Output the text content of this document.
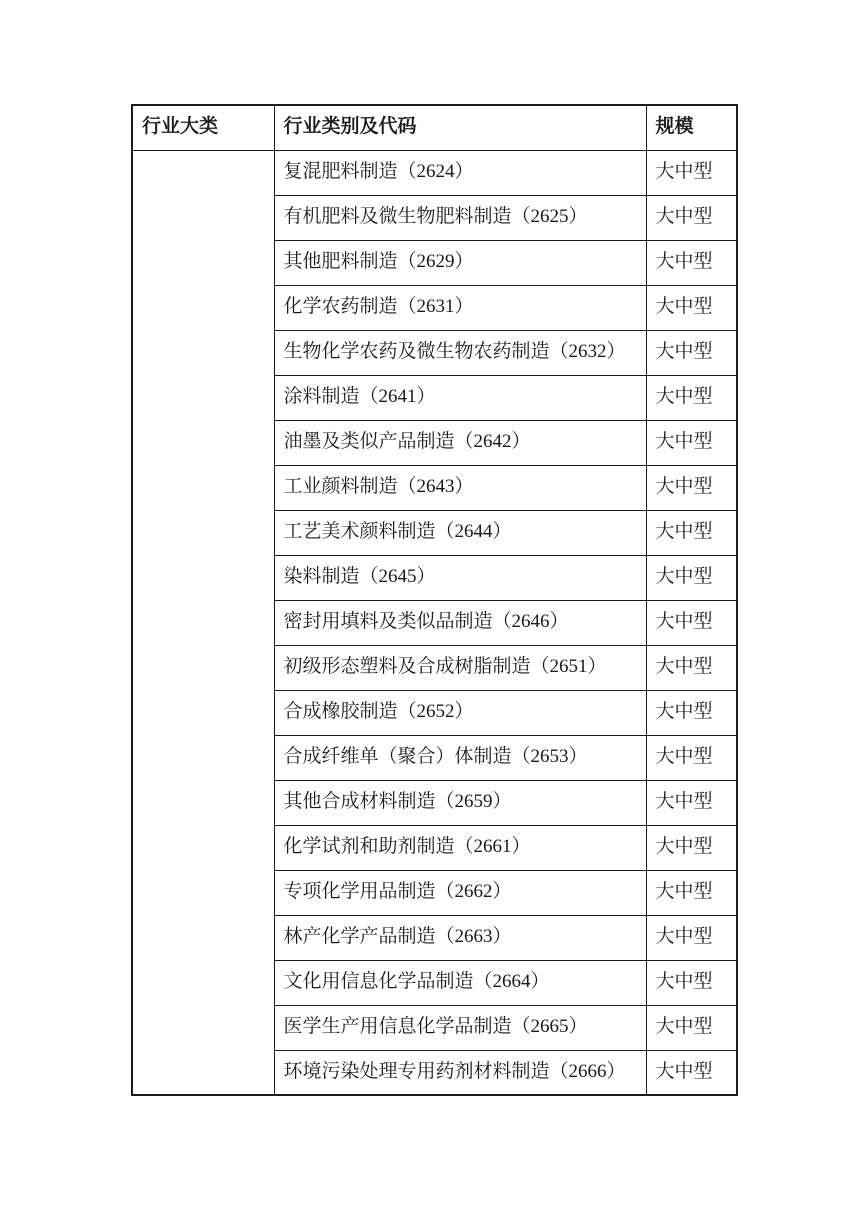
行业大类	行业类别及代码	规模
	复混肥料制造（2624）	大中型
	有机肥料及微生物肥料制造（2625）	大中型
	其他肥料制造（2629）	大中型
	化学农药制造（2631）	大中型
	生物化学农药及微生物农药制造（2632）	大中型
	涂料制造（2641）	大中型
	油墨及类似产品制造（2642）	大中型
	工业颜料制造（2643）	大中型
	工艺美术颜料制造（2644）	大中型
	染料制造（2645）	大中型
	密封用填料及类似品制造（2646）	大中型
	初级形态塑料及合成树脂制造（2651）	大中型
	合成橡胶制造（2652）	大中型
	合成纤维单（聚合）体制造（2653）	大中型
	其他合成材料制造（2659）	大中型
	化学试剂和助剂制造（2661）	大中型
	专项化学用品制造（2662）	大中型
	林产化学产品制造（2663）	大中型
	文化用信息化学品制造（2664）	大中型
	医学生产用信息化学品制造（2665）	大中型
	环境污染处理专用药剂材料制造（2666）	大中型
